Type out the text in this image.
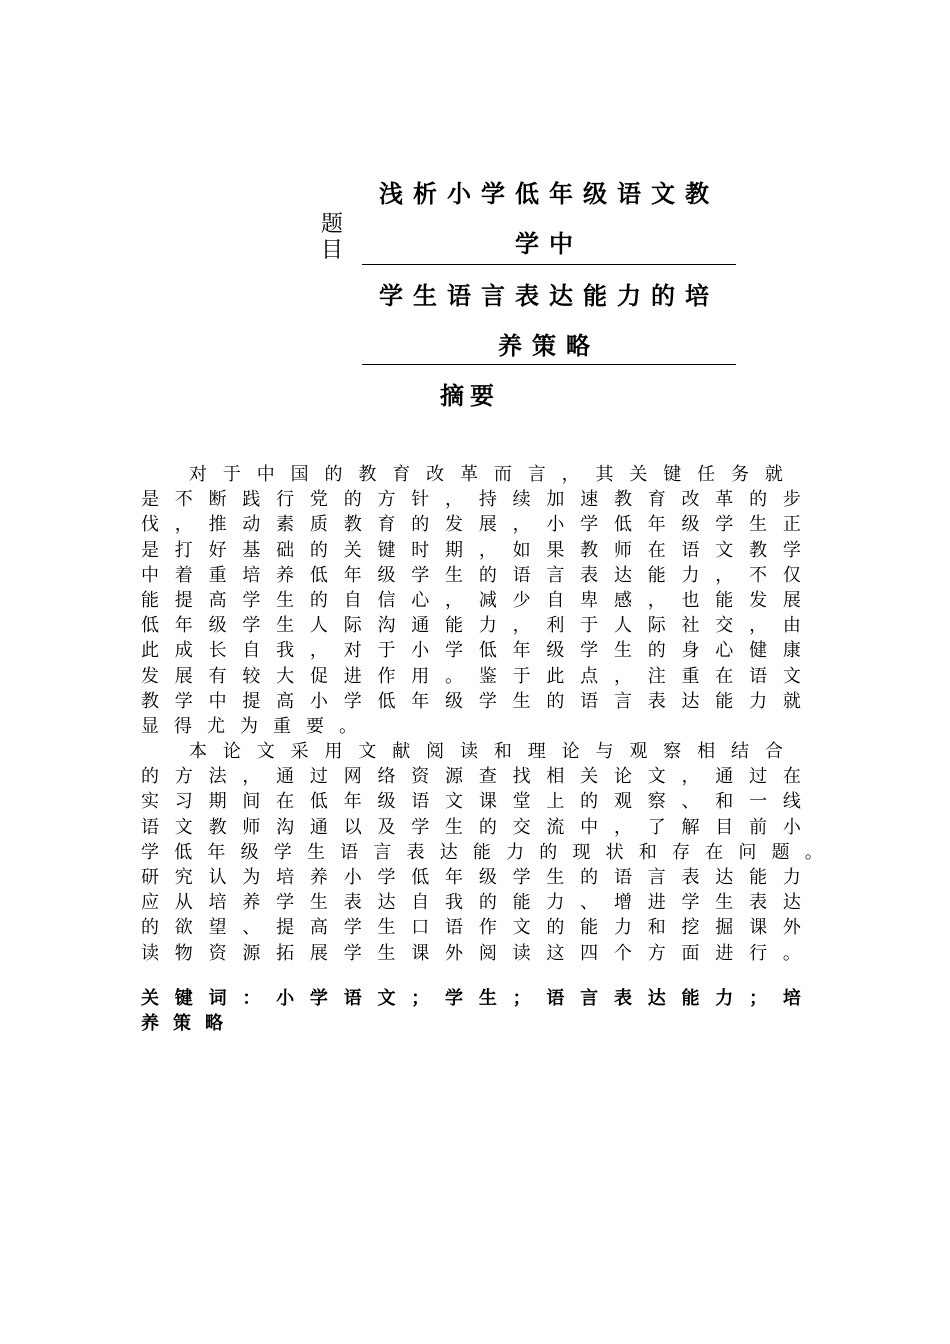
题目
浅析小学低年级语文教
学中
学生语言表达能力的培
养策略
摘要
对 于 中 国 的 教 育 改 革 而 言 ， 其 关 键 任 务 就
是 不 断 践 行 党 的 方 针 ， 持 续 加 速 教 育 改 革 的 步
伐 ， 推 动 素 质 教 育 的 发 展 ， 小 学 低 年 级 学 生 正
是 打 好 基 础 的 关 键 时 期 ， 如 果 教 师 在 语 文 教 学
中 着 重 培 养 低 年 级 学 生 的 语 言 表 达 能 力 ， 不 仅
能 提 高 学 生 的 自 信 心 ， 减 少 自 卑 感 ， 也 能 发 展
低 年 级 学 生 人 际 沟 通 能 力 ， 利 于 人 际 社 交 ， 由
此 成 长 自 我 ， 对 于 小 学 低 年 级 学 生 的 身 心 健 康
发 展 有 较 大 促 进 作 用 。 鉴 于 此 点 ， 注 重 在 语 文
教 学 中 提 高 小 学 低 年 级 学 生 的 语 言 表 达 能 力 就
显 得 尤 为 重 要 。
本 论 文 采 用 文 献 阅 读 和 理 论 与 观 察 相 结 合
的 方 法 ， 通 过 网 络 资 源 查 找 相 关 论 文 ， 通 过 在
实 习 期 间 在 低 年 级 语 文 课 堂 上 的 观 察 、 和 一 线
语 文 教 师 沟 通 以 及 学 生 的 交 流 中 ， 了 解 目 前 小
学 低 年 级 学 生 语 言 表 达 能 力 的 现 状 和 存 在 问 题 。
研 究 认 为 培 养 小 学 低 年 级 学 生 的 语 言 表 达 能 力
应 从 培 养 学 生 表 达 自 我 的 能 力 、 增 进 学 生 表 达
的 欲 望 、 提 高 学 生 口 语 作 文 的 能 力 和 挖 掘 课 外
读 物 资 源 拓 展 学 生 课 外 阅 读 这 四 个 方 面 进 行 。
关 键 词 ： 小 学 语 文 ； 学 生 ； 语 言 表 达 能 力 ； 培
养 策 略
